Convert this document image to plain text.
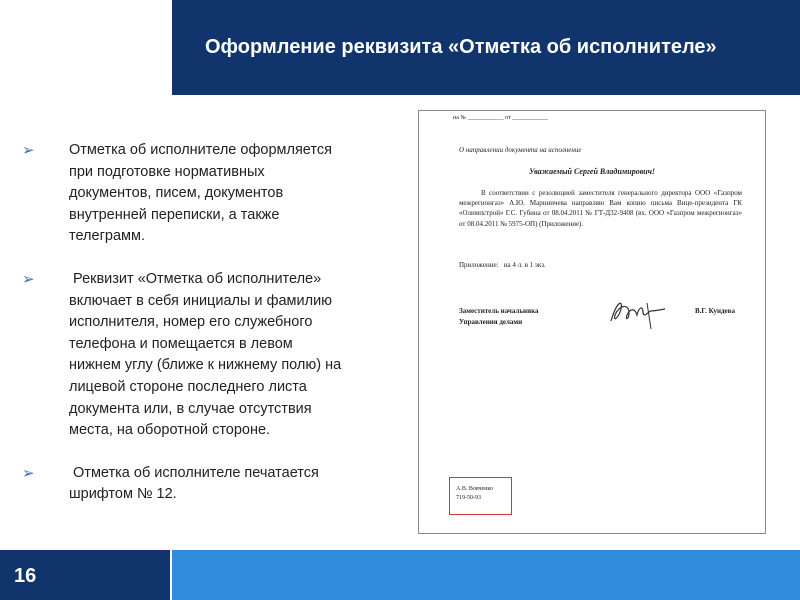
Оформление реквизита «Отметка об исполнителе»
➢ Отметка об исполнителе оформляется при подготовке нормативных документов, писем, документов внутренней переписки, а также телеграмм.
➢ Реквизит «Отметка об исполнителе» включает в себя инициалы и фамилию исполнителя, номер его служебного телефона и помещается в левом нижнем углу (ближе к нижнему полю) на лицевой стороне последнего листа документа или, в случае отсутствия места, на оборотной стороне.
➢ Отметка об исполнителе печатается шрифтом № 12.
на № ____________ от ____________
О направлении документа на исполнение
Уважаемый Сергей Владимирович!
В соответствии с резолюцией заместителя генерального директора ООО «Газпром межрегионгаз» А.Ю. Марниичева направляю Вам копию письма Вице-президента ГК «Олимпстрой» Г.С. Губина от 08.04.2011 № ГТ-Д32-9408 (вх. ООО «Газпром межрегионгаз» от 08.04.2011 № 5975-ОП) (Приложение).
Приложение:   на 4 л. в 1 экз.
Заместитель начальника
Управления делами
В.Г. Кундева
А.В. Вовченко
719-50-93
16
